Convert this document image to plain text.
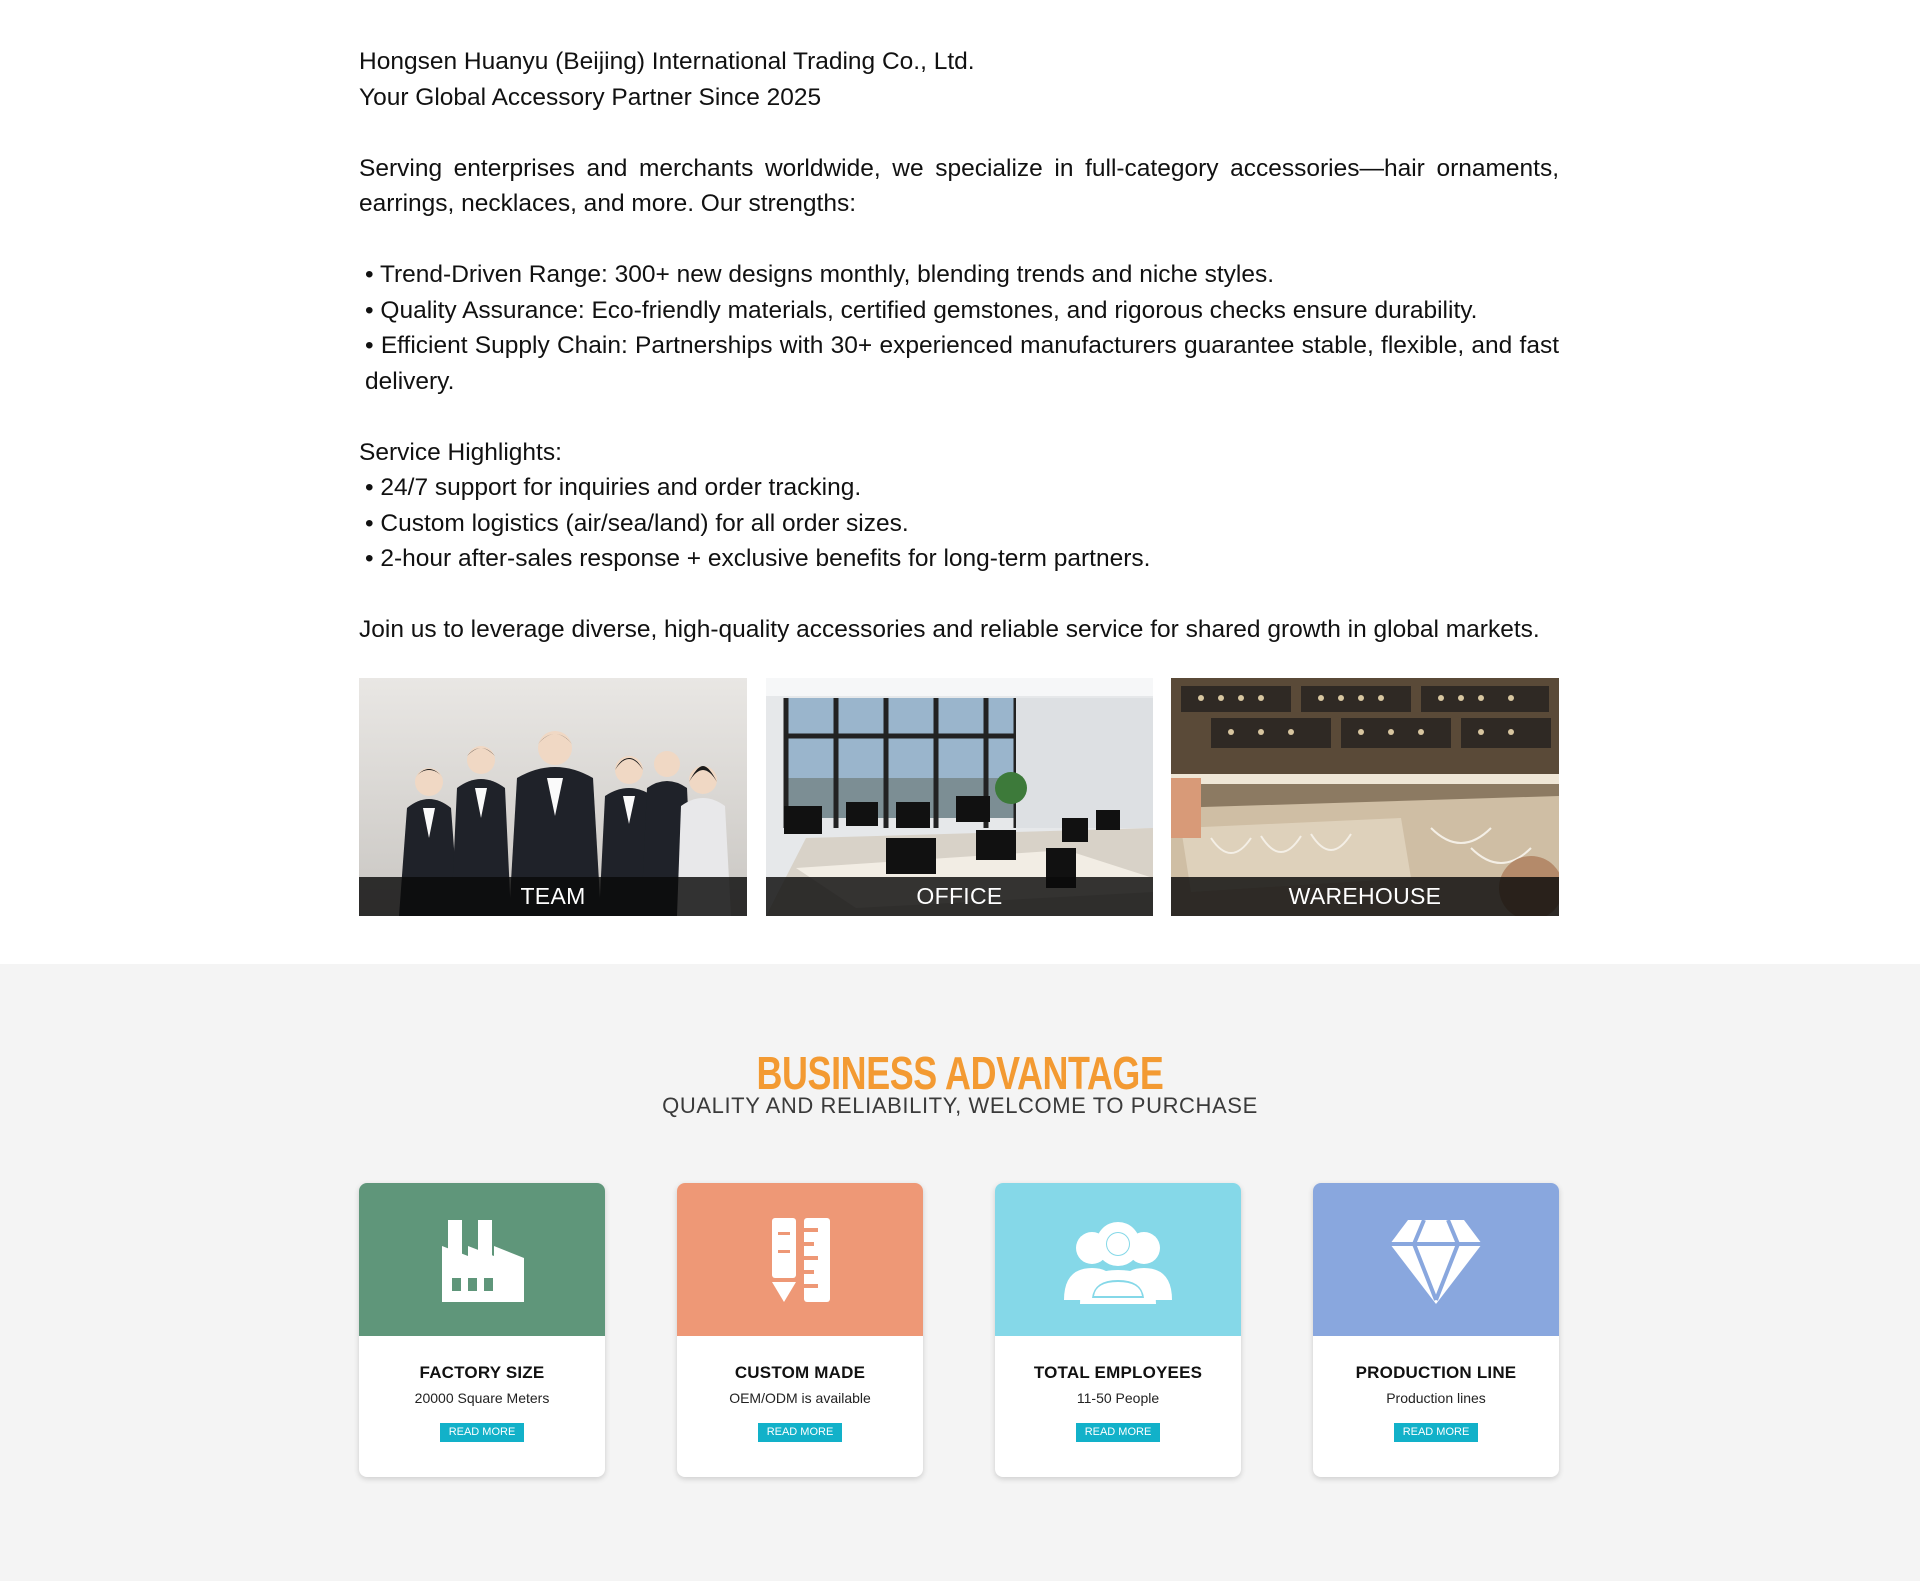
Hongsen Huanyu (Beijing) International Trading Co., Ltd.

Your Global Accessory Partner Since 2025

Serving enterprises and merchants worldwide, we specialize in full-category accessories—hair ornaments, earrings, necklaces, and more. Our strengths:

• Trend-Driven Range: 300+ new designs monthly, blending trends and niche styles.

• Quality Assurance: Eco-friendly materials, certified gemstones, and rigorous checks ensure durability.

• Efficient Supply Chain: Partnerships with 30+ experienced manufacturers guarantee stable, flexible, and fast delivery.

Service Highlights:

• 24/7 support for inquiries and order tracking.

• Custom logistics (air/sea/land) for all order sizes.

• 2-hour after-sales response + exclusive benefits for long-term partners.

Join us to leverage diverse, high-quality accessories and reliable service for shared growth in global markets.

TEAM	OFFICE	WAREHOUSE
BUSINESS ADVANTAGE
QUALITY AND RELIABILITY, WELCOME TO PURCHASE
FACTORY SIZE
20000 Square Meters
READ MORE
CUSTOM MADE
OEM/ODM is available
READ MORE
TOTAL EMPLOYEES
11-50 People
READ MORE
PRODUCTION LINE
Production lines
READ MORE
